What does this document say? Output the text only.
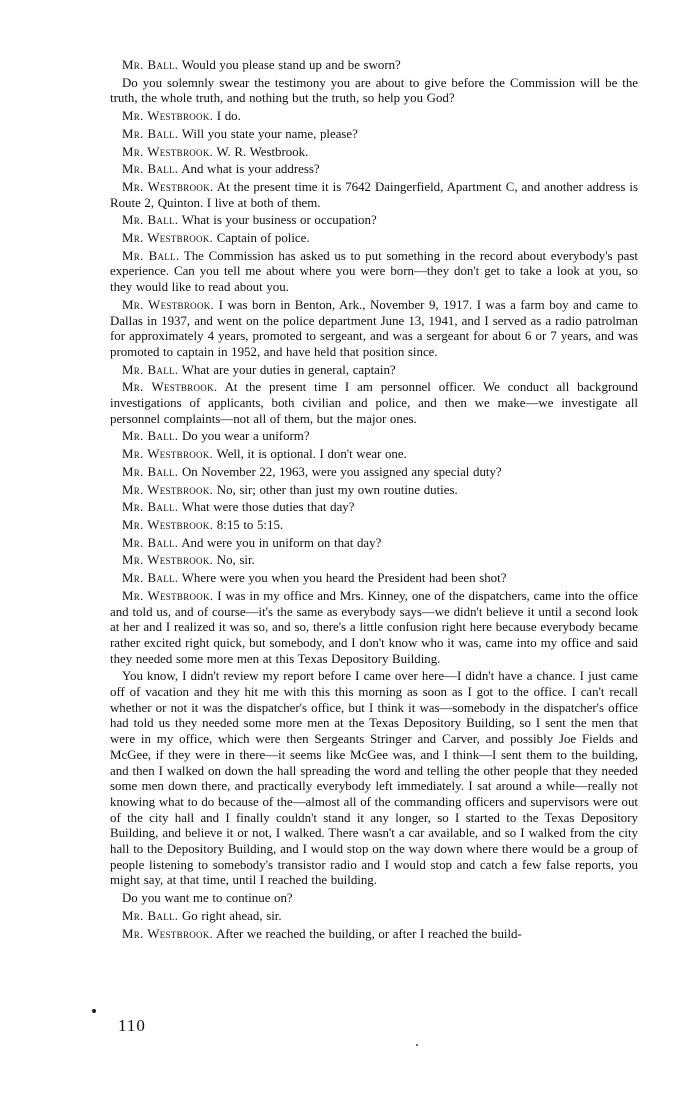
Mr. Ball. Would you please stand up and be sworn?

Do you solemnly swear the testimony you are about to give before the Commission will be the truth, the whole truth, and nothing but the truth, so help you God?

Mr. Westbrook. I do.

Mr. Ball. Will you state your name, please?

Mr. Westbrook. W. R. Westbrook.

Mr. Ball. And what is your address?

Mr. Westbrook. At the present time it is 7642 Daingerfield, Apartment C, and another address is Route 2, Quinton. I live at both of them.

Mr. Ball. What is your business or occupation?

Mr. Westbrook. Captain of police.

Mr. Ball. The Commission has asked us to put something in the record about everybody's past experience. Can you tell me about where you were born—they don't get to take a look at you, so they would like to read about you.

Mr. Westbrook. I was born in Benton, Ark., November 9, 1917. I was a farm boy and came to Dallas in 1937, and went on the police department June 13, 1941, and I served as a radio patrolman for approximately 4 years, promoted to sergeant, and was a sergeant for about 6 or 7 years, and was promoted to captain in 1952, and have held that position since.

Mr. Ball. What are your duties in general, captain?

Mr. Westbrook. At the present time I am personnel officer. We conduct all background investigations of applicants, both civilian and police, and then we make—we investigate all personnel complaints—not all of them, but the major ones.

Mr. Ball. Do you wear a uniform?

Mr. Westbrook. Well, it is optional. I don't wear one.

Mr. Ball. On November 22, 1963, were you assigned any special duty?

Mr. Westbrook. No, sir; other than just my own routine duties.

Mr. Ball. What were those duties that day?

Mr. Westbrook. 8:15 to 5:15.

Mr. Ball. And were you in uniform on that day?

Mr. Westbrook. No, sir.

Mr. Ball. Where were you when you heard the President had been shot?

Mr. Westbrook. I was in my office and Mrs. Kinney, one of the dispatchers, came into the office and told us, and of course—it's the same as everybody says—we didn't believe it until a second look at her and I realized it was so, and so, there's a little confusion right here because everybody became rather excited right quick, but somebody, and I don't know who it was, came into my office and said they needed some more men at this Texas Depository Building.

You know, I didn't review my report before I came over here—I didn't have a chance. I just came off of vacation and they hit me with this this morning as soon as I got to the office. I can't recall whether or not it was the dispatcher's office, but I think it was—somebody in the dispatcher's office had told us they needed some more men at the Texas Depository Building, so I sent the men that were in my office, which were then Sergeants Stringer and Carver, and possibly Joe Fields and McGee, if they were in there—it seems like McGee was, and I think—I sent them to the building, and then I walked on down the hall spreading the word and telling the other people that they needed some men down there, and practically everybody left immediately. I sat around a while—really not knowing what to do because of the—almost all of the commanding officers and supervisors were out of the city hall and I finally couldn't stand it any longer, so I started to the Texas Depository Building, and believe it or not, I walked. There wasn't a car available, and so I walked from the city hall to the Depository Building, and I would stop on the way down where there would be a group of people listening to somebody's transistor radio and I would stop and catch a few false reports, you might say, at that time, until I reached the building.

Do you want me to continue on?

Mr. Ball. Go right ahead, sir.

Mr. Westbrook. After we reached the building, or after I reached the build-

110
